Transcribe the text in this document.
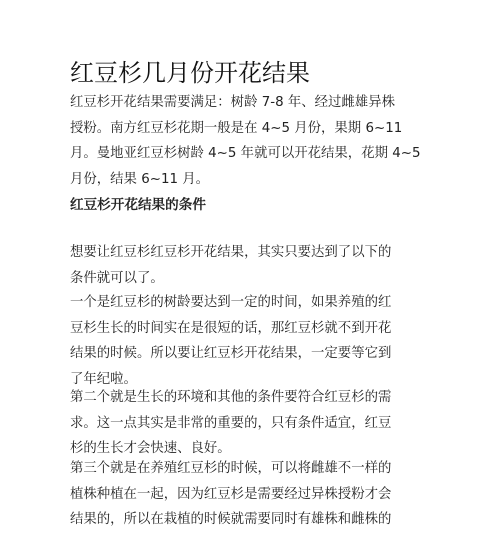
红豆杉几月份开花结果
红豆杉开花结果需要满足：树龄 7-8 年、经过雌雄异株
授粉。南方红豆杉花期一般是在 4~5 月份，果期 6~11
月。曼地亚红豆杉树龄 4~5 年就可以开花结果，花期 4~5
月份，结果 6~11 月。
红豆杉开花结果的条件
想要让红豆杉红豆杉开花结果，其实只要达到了以下的
条件就可以了。
一个是红豆杉的树龄要达到一定的时间，如果养殖的红
豆杉生长的时间实在是很短的话，那红豆杉就不到开花
结果的时候。所以要让红豆杉开花结果，一定要等它到
了年纪啦。
第二个就是生长的环境和其他的条件要符合红豆杉的需
求。这一点其实是非常的重要的，只有条件适宜，红豆
杉的生长才会快速、良好。
第三个就是在养殖红豆杉的时候，可以将雌雄不一样的
植株种植在一起，因为红豆杉是需要经过异株授粉才会
结果的，所以在栽植的时候就需要同时有雄株和雌株的
